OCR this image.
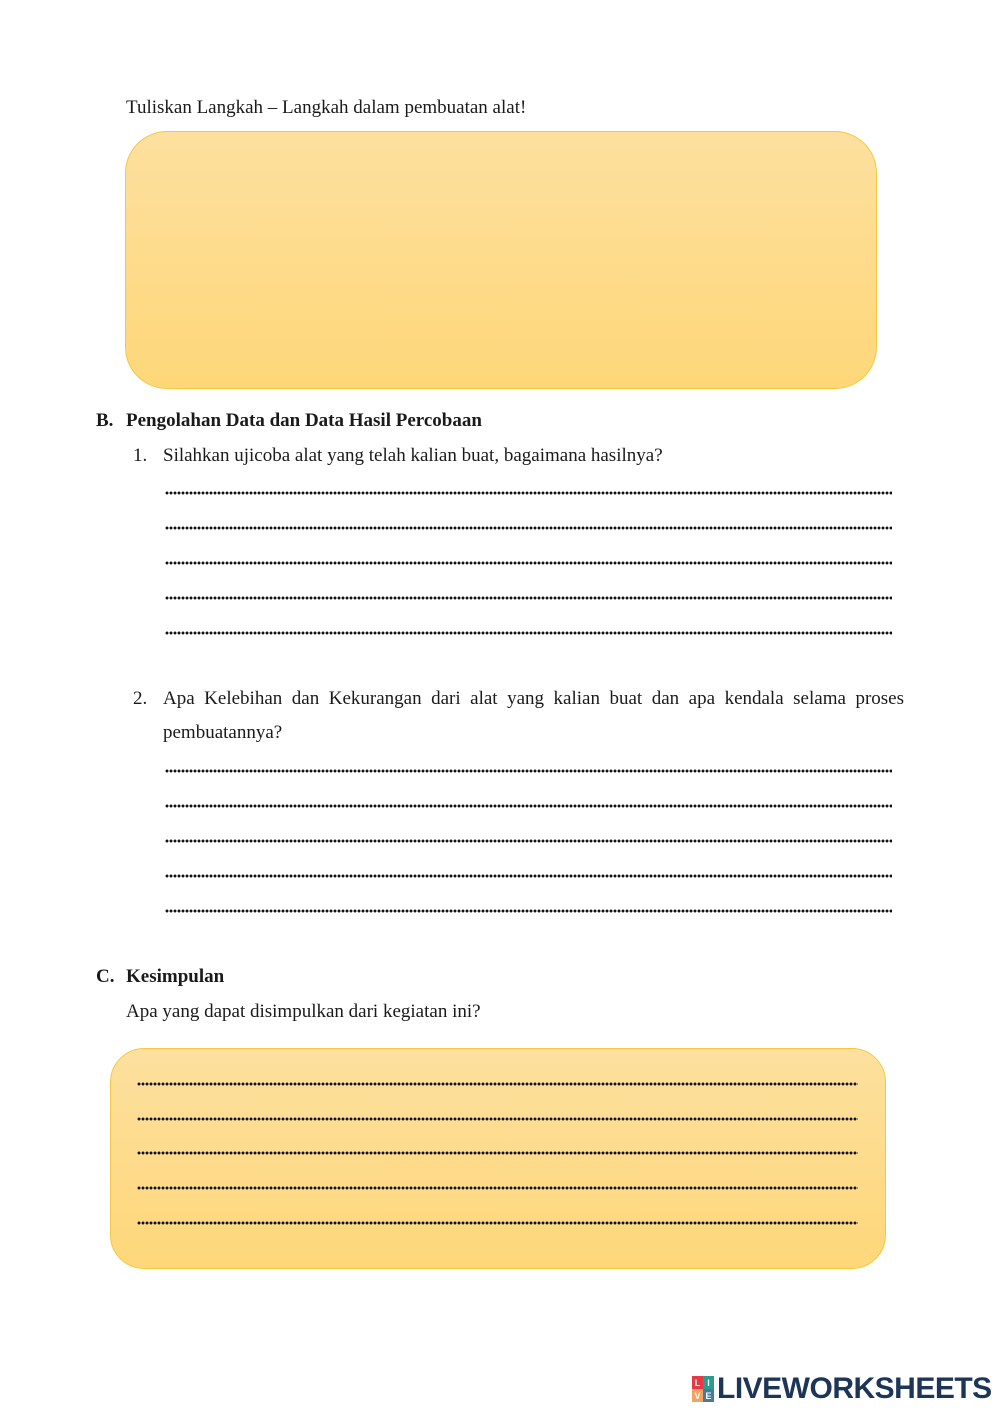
Tuliskan Langkah – Langkah dalam pembuatan alat!
B. Pengolahan Data dan Data Hasil Percobaan
1. Silahkan ujicoba alat yang telah kalian buat, bagaimana hasilnya?
2. Apa Kelebihan dan Kekurangan dari alat yang kalian buat dan apa kendala selama proses
pembuatannya?
C. Kesimpulan
Apa yang dapat disimpulkan dari kegiatan ini?
L I
V E LIVEWORKSHEETS
